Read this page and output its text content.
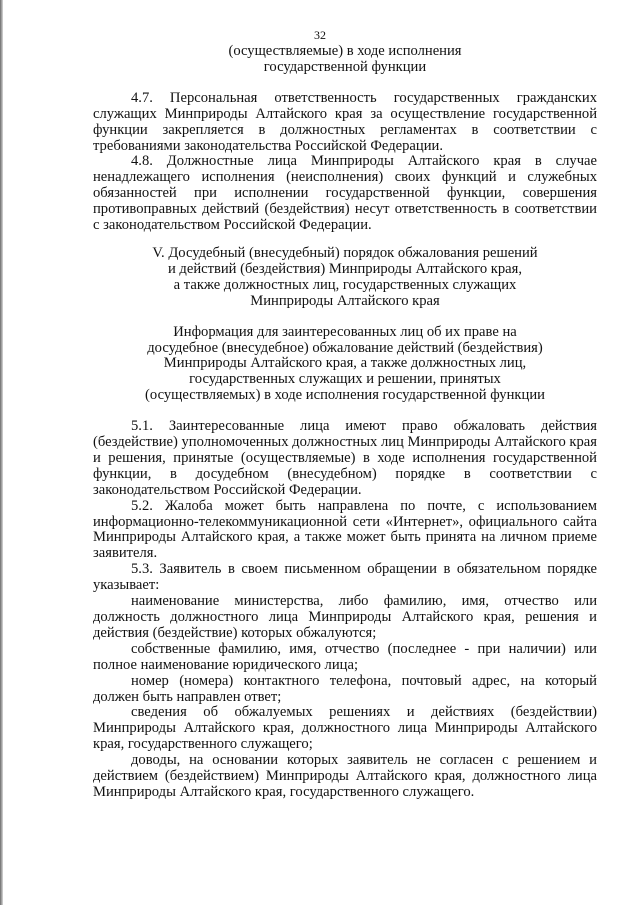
32
(осуществляемые) в ходе исполнения
государственной функции

4.7. Персональная ответственность государственных гражданских служащих Минприроды Алтайского края за осуществление государственной функции закрепляется в должностных регламентах в соответствии с требованиями законодательства Российской Федерации.

4.8. Должностные лица Минприроды Алтайского края в случае ненадлежащего исполнения (неисполнения) своих функций и служебных обязанностей при исполнении государственной функции, совершения противоправных действий (бездействия) несут ответственность в соответствии с законодательством Российской Федерации.

V. Досудебный (внесудебный) порядок обжалования решений
и действий (бездействия) Минприроды Алтайского края,
а также должностных лиц, государственных служащих
Минприроды Алтайского края
Информация для заинтересованных лиц об их праве на
досудебное (внесудебное) обжалование действий (бездействия)
Минприроды Алтайского края, а также должностных лиц,
государственных служащих и решении, принятых
(осуществляемых) в ходе исполнения государственной функции

5.1. Заинтересованные лица имеют право обжаловать действия (бездействие) уполномоченных должностных лиц Минприроды Алтайского края и решения, принятые (осуществляемые) в ходе исполнения государственной функции, в досудебном (внесудебном) порядке в соответствии с законодательством Российской Федерации.

5.2. Жалоба может быть направлена по почте, с использованием информационно-телекоммуникационной сети «Интернет», официального сайта Минприроды Алтайского края, а также может быть принята на личном приеме заявителя.

5.3. Заявитель в своем письменном обращении в обязательном порядке указывает:

наименование министерства, либо фамилию, имя, отчество или должность должностного лица Минприроды Алтайского края, решения и действия (бездействие) которых обжалуются;

собственные фамилию, имя, отчество (последнее - при наличии) или полное наименование юридического лица;

номер (номера) контактного телефона, почтовый адрес, на который должен быть направлен ответ;

сведения об обжалуемых решениях и действиях (бездействии) Минприроды Алтайского края, должностного лица Минприроды Алтайского края, государственного служащего;

доводы, на основании которых заявитель не согласен с решением и действием (бездействием) Минприроды Алтайского края, должностного лица Минприроды Алтайского края, государственного служащего.
